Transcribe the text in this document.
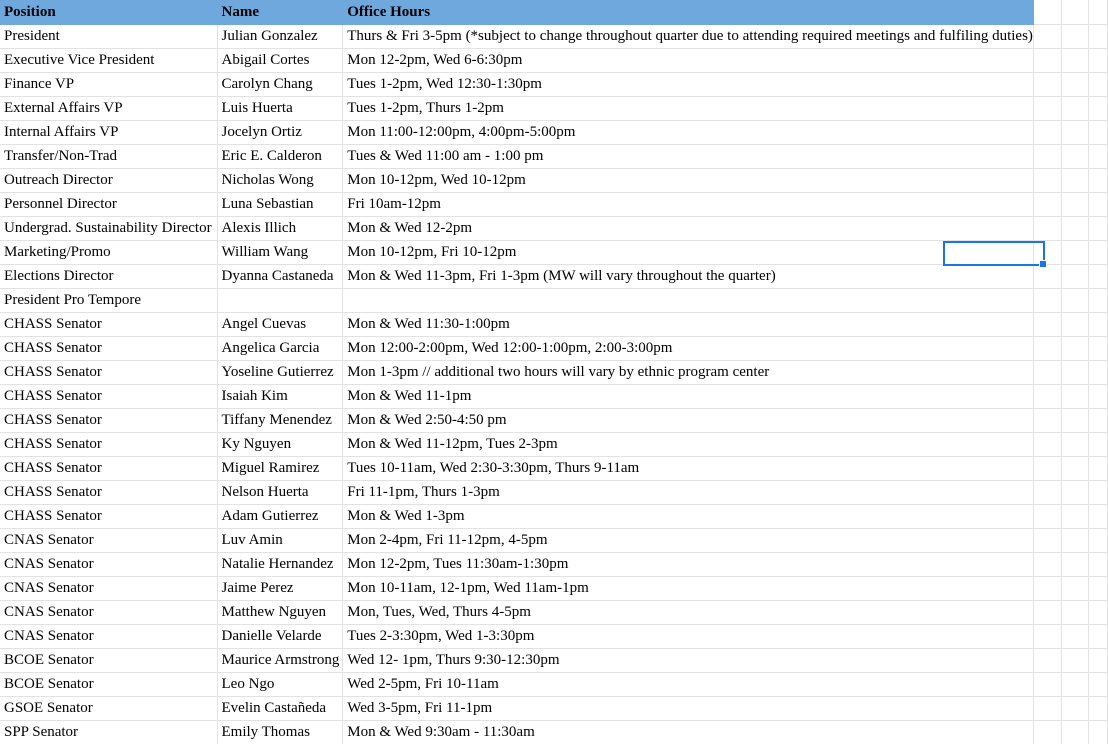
Position	Name	Office Hours			
President	Julian Gonzalez	Thurs & Fri 3-5pm (*subject to change throughout quarter due to attending required meetings and fulfiling duties)			
Executive Vice President	Abigail Cortes	Mon 12-2pm, Wed 6-6:30pm			
Finance VP	Carolyn Chang	Tues 1-2pm, Wed 12:30-1:30pm			
External Affairs VP	Luis Huerta	Tues 1-2pm, Thurs 1-2pm			
Internal Affairs VP	Jocelyn Ortiz	Mon 11:00-12:00pm, 4:00pm-5:00pm			
Transfer/Non-Trad	Eric E. Calderon	Tues & Wed 11:00 am - 1:00 pm			
Outreach Director	Nicholas Wong	Mon 10-12pm, Wed 10-12pm			
Personnel Director	Luna Sebastian	Fri 10am-12pm			
Undergrad. Sustainability Director	Alexis Illich	Mon & Wed 12-2pm			
Marketing/Promo	William Wang	Mon 10-12pm, Fri 10-12pm			
Elections Director	Dyanna Castaneda	Mon & Wed 11-3pm, Fri 1-3pm (MW will vary throughout the quarter)			
President Pro Tempore					
CHASS Senator	Angel Cuevas	Mon & Wed 11:30-1:00pm			
CHASS Senator	Angelica Garcia	Mon 12:00-2:00pm, Wed 12:00-1:00pm, 2:00-3:00pm			
CHASS Senator	Yoseline Gutierrez	Mon 1-3pm // additional two hours will vary by ethnic program center			
CHASS Senator	Isaiah Kim	Mon & Wed 11-1pm			
CHASS Senator	Tiffany Menendez	Mon & Wed 2:50-4:50 pm			
CHASS Senator	Ky Nguyen	Mon & Wed 11-12pm, Tues 2-3pm			
CHASS Senator	Miguel Ramirez	Tues 10-11am, Wed 2:30-3:30pm, Thurs 9-11am			
CHASS Senator	Nelson Huerta	Fri 11-1pm, Thurs 1-3pm			
CHASS Senator	Adam Gutierrez	Mon & Wed 1-3pm			
CNAS Senator	Luv Amin	Mon 2-4pm, Fri 11-12pm, 4-5pm			
CNAS Senator	Natalie Hernandez	Mon 12-2pm, Tues 11:30am-1:30pm			
CNAS Senator	Jaime Perez	Mon 10-11am, 12-1pm, Wed 11am-1pm			
CNAS Senator	Matthew Nguyen	Mon, Tues, Wed, Thurs 4-5pm			
CNAS Senator	Danielle Velarde	Tues 2-3:30pm, Wed 1-3:30pm			
BCOE Senator	Maurice Armstrong	Wed 12- 1pm, Thurs 9:30-12:30pm			
BCOE Senator	Leo Ngo	Wed 2-5pm, Fri 10-11am			
GSOE Senator	Evelin Castañeda	Wed 3-5pm, Fri 11-1pm			
SPP Senator	Emily Thomas	Mon & Wed 9:30am - 11:30am			
